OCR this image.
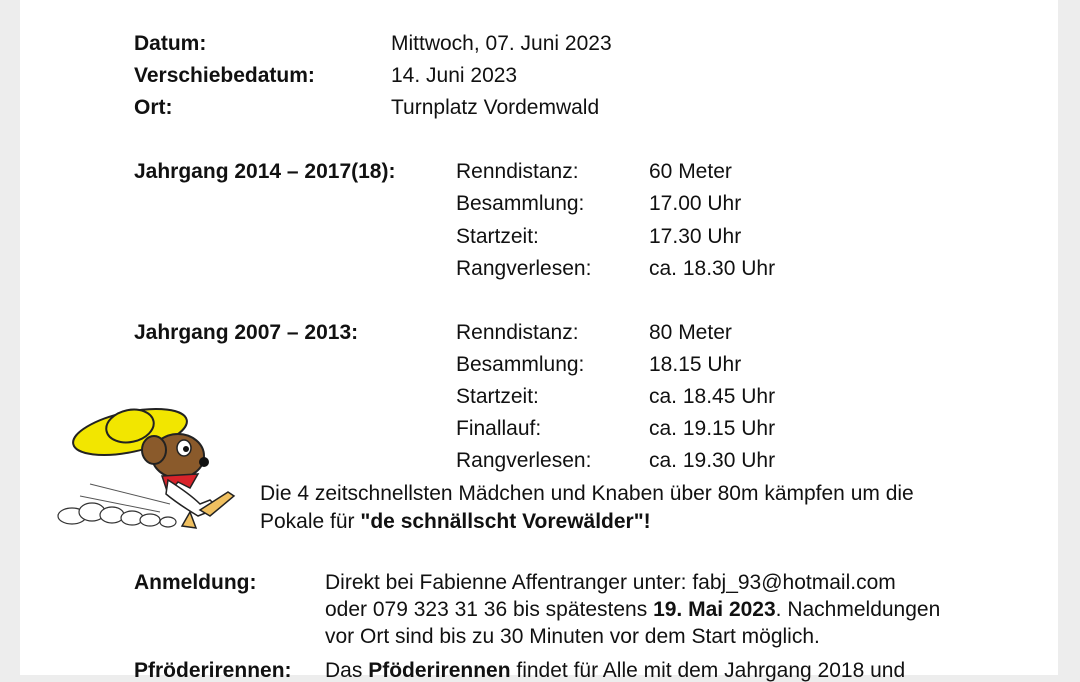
Datum:	Mittwoch, 07. Juni 2023
Verschiebedatum:	14. Juni 2023
Ort:	Turnplatz Vordemwald
Jahrgang 2014 – 2017(18):	Renndistanz:	60 Meter
Besammlung:	17.00 Uhr
Startzeit:	17.30 Uhr
Rangverlesen:	ca. 18.30 Uhr
Jahrgang 2007 – 2013:	Renndistanz:	80 Meter
Besammlung:	18.15 Uhr
Startzeit:	ca. 18.45 Uhr
Finallauf:	ca. 19.15 Uhr
Rangverlesen:	ca. 19.30 Uhr
Die 4 zeitschnellsten Mädchen und Knaben über 80m kämpfen um die
Pokale für "de schnällscht Vorewälder"!
Anmeldung:	Direkt bei Fabienne Affentranger unter: fabj_93@hotmail.com
oder 079 323 31 36 bis spätestens 19. Mai 2023. Nachmeldungen
vor Ort sind bis zu 30 Minuten vor dem Start möglich.
Pfröderirennen: Das Pföderirennen findet für Alle mit dem Jahrgang 2018 und
